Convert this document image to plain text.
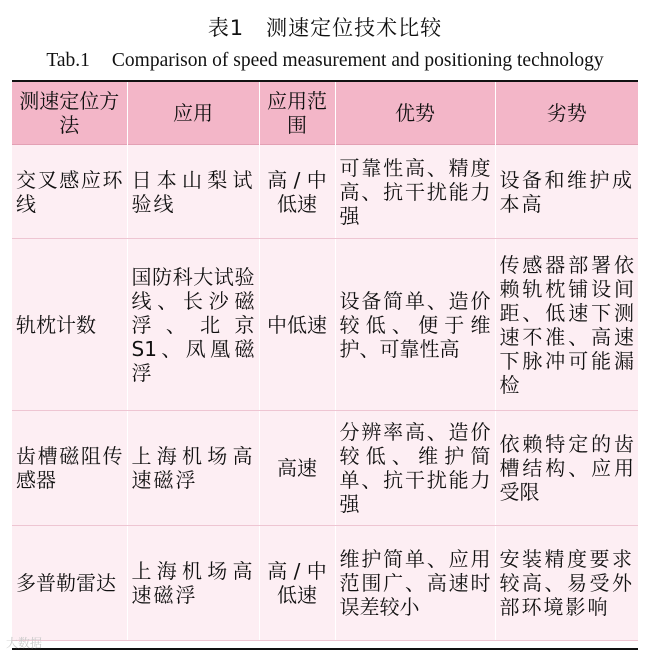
表1　测速定位技术比较
Tab.1 Comparison of speed measurement and positioning technology
测速定位方法	应用	应用范围	优势	劣势
交叉感应环线	日本山梨试验线	高 / 中低速	可靠性高、精度高、抗干扰能力强	设备和维护成本高
轨枕计数	国防科大试验线、长沙磁浮、北京 S1、凤凰磁浮	中低速	设备简单、造价较低、便于维护、可靠性高	传感器部署依赖轨枕铺设间距、低速下测速不准、高速下脉冲可能漏检
齿槽磁阻传感器	上海机场高速磁浮	高速	分辨率高、造价较低、维护简单、抗干扰能力强	依赖特定的齿槽结构、应用受限
多普勒雷达	上海机场高速磁浮	高 / 中低速	维护简单、应用范围广、高速时误差较小	安装精度要求较高、易受外部环境影响
大数据
